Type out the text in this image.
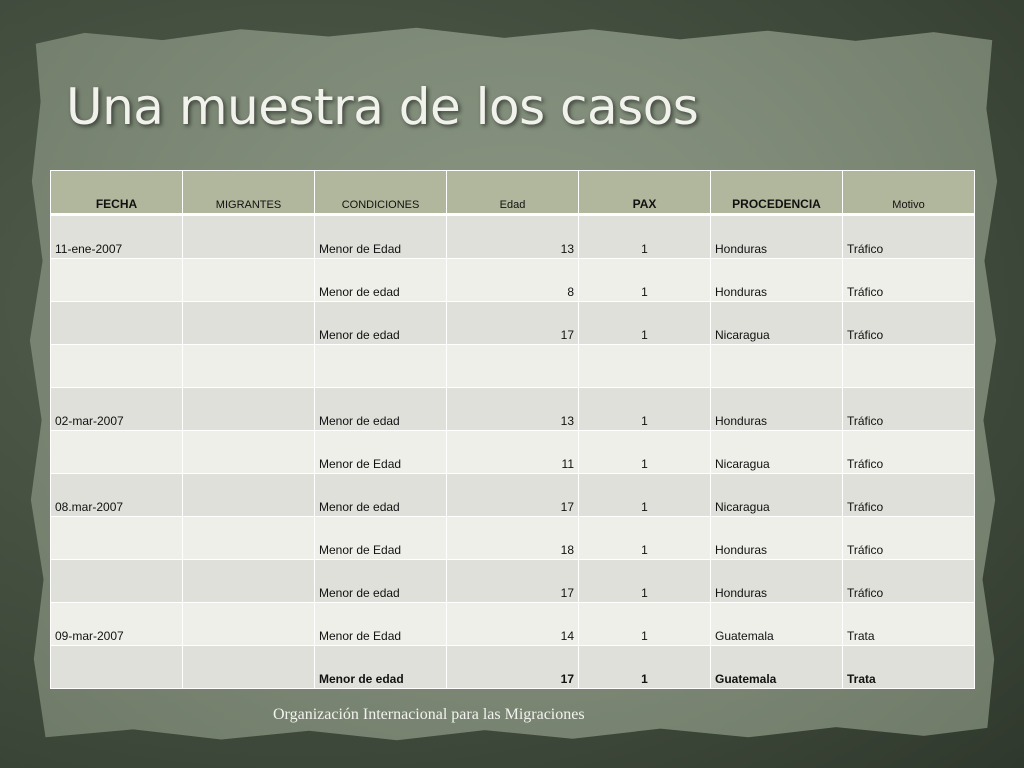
Una muestra de los casos
FECHA	MIGRANTES	CONDICIONES	Edad	PAX	PROCEDENCIA	Motivo
11-ene-2007		Menor de Edad	13	1	Honduras	Tráfico
		Menor de edad	8	1	Honduras	Tráfico
		Menor de edad	17	1	Nicaragua	Tráfico

02-mar-2007		Menor de edad	13	1	Honduras	Tráfico
		Menor de Edad	11	1	Nicaragua	Tráfico
08.mar-2007		Menor de edad	17	1	Nicaragua	Tráfico
		Menor de Edad	18	1	Honduras	Tráfico
		Menor de edad	17	1	Honduras	Tráfico
09-mar-2007		Menor de Edad	14	1	Guatemala	Trata
		Menor de edad	17	1	Guatemala	Trata
Organización Internacional para las Migraciones
